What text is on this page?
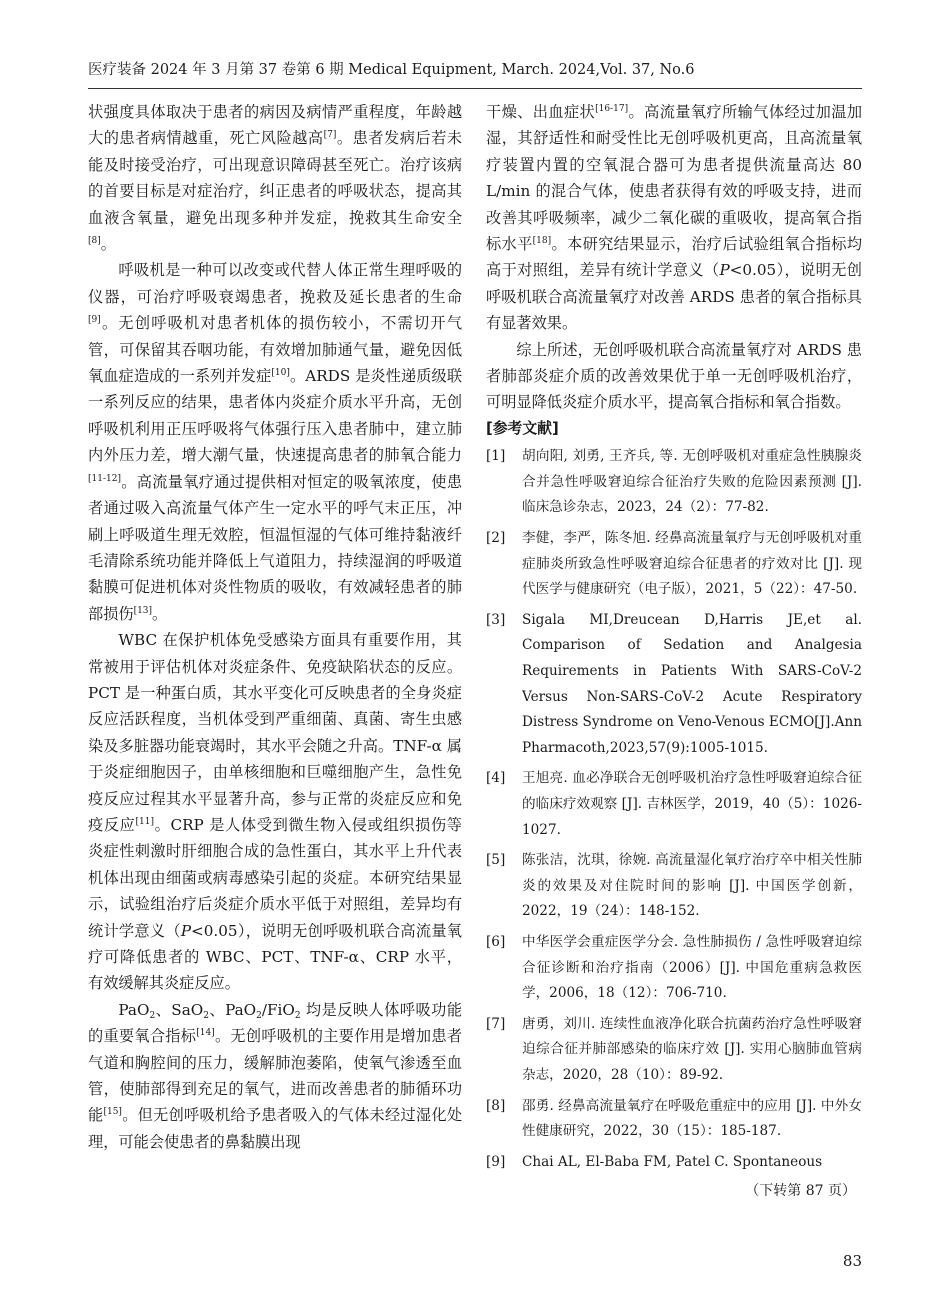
医疗装备 2024 年 3 月第 37 卷第 6 期 Medical Equipment, March. 2024,Vol. 37, No.6

状强度具体取决于患者的病因及病情严重程度，年龄越大的患者病情越重，死亡风险越高[7]。患者发病后若未能及时接受治疗，可出现意识障碍甚至死亡。治疗该病的首要目标是对症治疗，纠正患者的呼吸状态，提高其血液含氧量，避免出现多种并发症，挽救其生命安全[8]。

呼吸机是一种可以改变或代替人体正常生理呼吸的仪器，可治疗呼吸衰竭患者，挽救及延长患者的生命[9]。无创呼吸机对患者机体的损伤较小，不需切开气管，可保留其吞咽功能，有效增加肺通气量，避免因低氧血症造成的一系列并发症[10]。ARDS 是炎性递质级联一系列反应的结果，患者体内炎症介质水平升高，无创呼吸机利用正压呼吸将气体强行压入患者肺中，建立肺内外压力差，增大潮气量，快速提高患者的肺氧合能力[11-12]。高流量氧疗通过提供相对恒定的吸氧浓度，使患者通过吸入高流量气体产生一定水平的呼气末正压，冲刷上呼吸道生理无效腔，恒温恒湿的气体可维持黏液纤毛清除系统功能并降低上气道阻力，持续湿润的呼吸道黏膜可促进机体对炎性物质的吸收，有效减轻患者的肺部损伤[13]。

WBC 在保护机体免受感染方面具有重要作用，其常被用于评估机体对炎症条件、免疫缺陷状态的反应。PCT 是一种蛋白质，其水平变化可反映患者的全身炎症反应活跃程度，当机体受到严重细菌、真菌、寄生虫感染及多脏器功能衰竭时，其水平会随之升高。TNF-α 属于炎症细胞因子，由单核细胞和巨噬细胞产生，急性免疫反应过程其水平显著升高，参与正常的炎症反应和免疫反应[11]。CRP 是人体受到微生物入侵或组织损伤等炎症性刺激时肝细胞合成的急性蛋白，其水平上升代表机体出现由细菌或病毒感染引起的炎症。本研究结果显示，试验组治疗后炎症介质水平低于对照组，差异均有统计学意义（P<0.05），说明无创呼吸机联合高流量氧疗可降低患者的 WBC、PCT、TNF-α、CRP 水平，有效缓解其炎症反应。

PaO$_2$、SaO$_2$、PaO$_2$/FiO$_2$ 均是反映人体呼吸功能的重要氧合指标[14]。无创呼吸机的主要作用是增加患者气道和胸腔间的压力，缓解肺泡萎陷，使氧气渗透至血管，使肺部得到充足的氧气，进而改善患者的肺循环功能[15]。但无创呼吸机给予患者吸入的气体未经过湿化处理，可能会使患者的鼻黏膜出现

干燥、出血症状[16-17]。高流量氧疗所输气体经过加温加湿，其舒适性和耐受性比无创呼吸机更高，且高流量氧疗装置内置的空氧混合器可为患者提供流量高达 80 L/min 的混合气体，使患者获得有效的呼吸支持，进而改善其呼吸频率，减少二氧化碳的重吸收，提高氧合指标水平[18]。本研究结果显示，治疗后试验组氧合指标均高于对照组，差异有统计学意义（P<0.05），说明无创呼吸机联合高流量氧疗对改善 ARDS 患者的氧合指标具有显著效果。

综上所述，无创呼吸机联合高流量氧疗对 ARDS 患者肺部炎症介质的改善效果优于单一无创呼吸机治疗，可明显降低炎症介质水平，提高氧合指标和氧合指数。

[参考文献]

[1] 胡向阳, 刘勇, 王齐兵, 等. 无创呼吸机对重症急性胰腺炎合并急性呼吸窘迫综合征治疗失败的危险因素预测 [J]. 临床急诊杂志，2023，24（2）：77-82.
[2] 李健，李严，陈冬旭. 经鼻高流量氧疗与无创呼吸机对重症肺炎所致急性呼吸窘迫综合征患者的疗效对比 [J]. 现代医学与健康研究（电子版），2021，5（22）：47-50.
[3] Sigala MI,Dreucean D,Harris JE,et al. Comparison of Sedation and Analgesia Requirements in Patients With SARS-CoV-2 Versus Non-SARS-CoV-2 Acute Respiratory Distress Syndrome on Veno-Venous ECMO[J].Ann Pharmacoth,2023,57(9):1005-1015.
[4] 王旭亮. 血必净联合无创呼吸机治疗急性呼吸窘迫综合征的临床疗效观察 [J]. 吉林医学，2019，40（5）：1026-1027.
[5] 陈张洁，沈琪，徐婉. 高流量湿化氧疗治疗卒中相关性肺炎的效果及对住院时间的影响 [J]. 中国医学创新，2022，19（24）：148-152.
[6] 中华医学会重症医学分会. 急性肺损伤 / 急性呼吸窘迫综合征诊断和治疗指南（2006）[J]. 中国危重病急救医学，2006，18（12）：706-710.
[7] 唐勇，刘川. 连续性血液净化联合抗菌药治疗急性呼吸窘迫综合征并肺部感染的临床疗效 [J]. 实用心脑肺血管病杂志，2020，28（10）：89-92.
[8] 邵勇. 经鼻高流量氧疗在呼吸危重症中的应用 [J]. 中外女性健康研究，2022，30（15）：185-187.
[9] Chai AL, El-Baba FM, Patel C. Spontaneous
（下转第 87 页）
83
